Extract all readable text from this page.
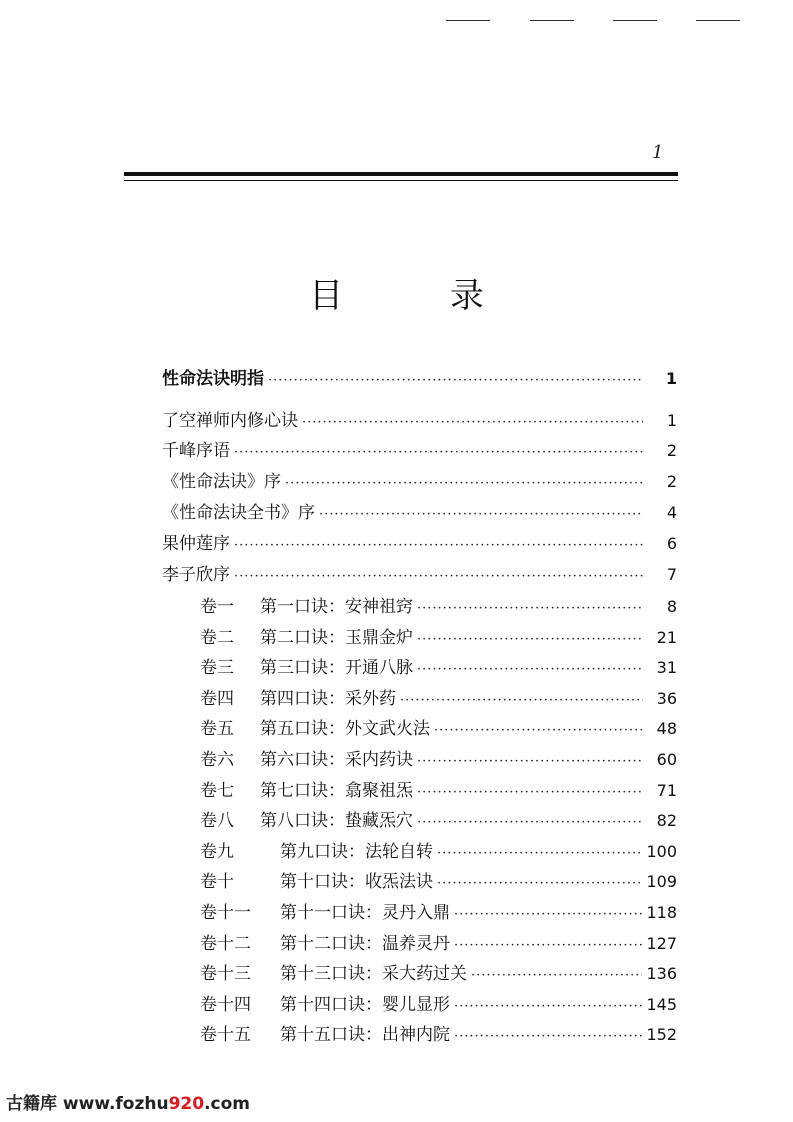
1
目 录
性命法诀明指 ·····	1
了空禅师内修心诀 ·····	1
千峰序语 ·····	2
《性命法诀》序 ·····	2
《性命法诀全书》序 ·····	4
果仲莲序 ·····	6
李子欣序 ·····	7
卷一	第一口诀：安神祖窍 ·····	8
卷二	第二口诀：玉鼎金炉 ·····	21
卷三	第三口诀：开通八脉 ·····	31
卷四	第四口诀：采外药 ·····	36
卷五	第五口诀：外文武火法 ·····	48
卷六	第六口诀：采内药诀 ·····	60
卷七	第七口诀：翕聚祖炁 ·····	71
卷八	第八口诀：蛰藏炁穴 ·····	82
卷九	第九口诀：法轮自转 ·····	100
卷十	第十口诀：收炁法诀 ·····	109
卷十一	第十一口诀：灵丹入鼎 ·····	118
卷十二	第十二口诀：温养灵丹 ·····	127
卷十三	第十三口诀：采大药过关 ·····	136
卷十四	第十四口诀：婴儿显形 ·····	145
卷十五	第十五口诀：出神内院 ·····	152
古籍库 www.fozhu920.com
